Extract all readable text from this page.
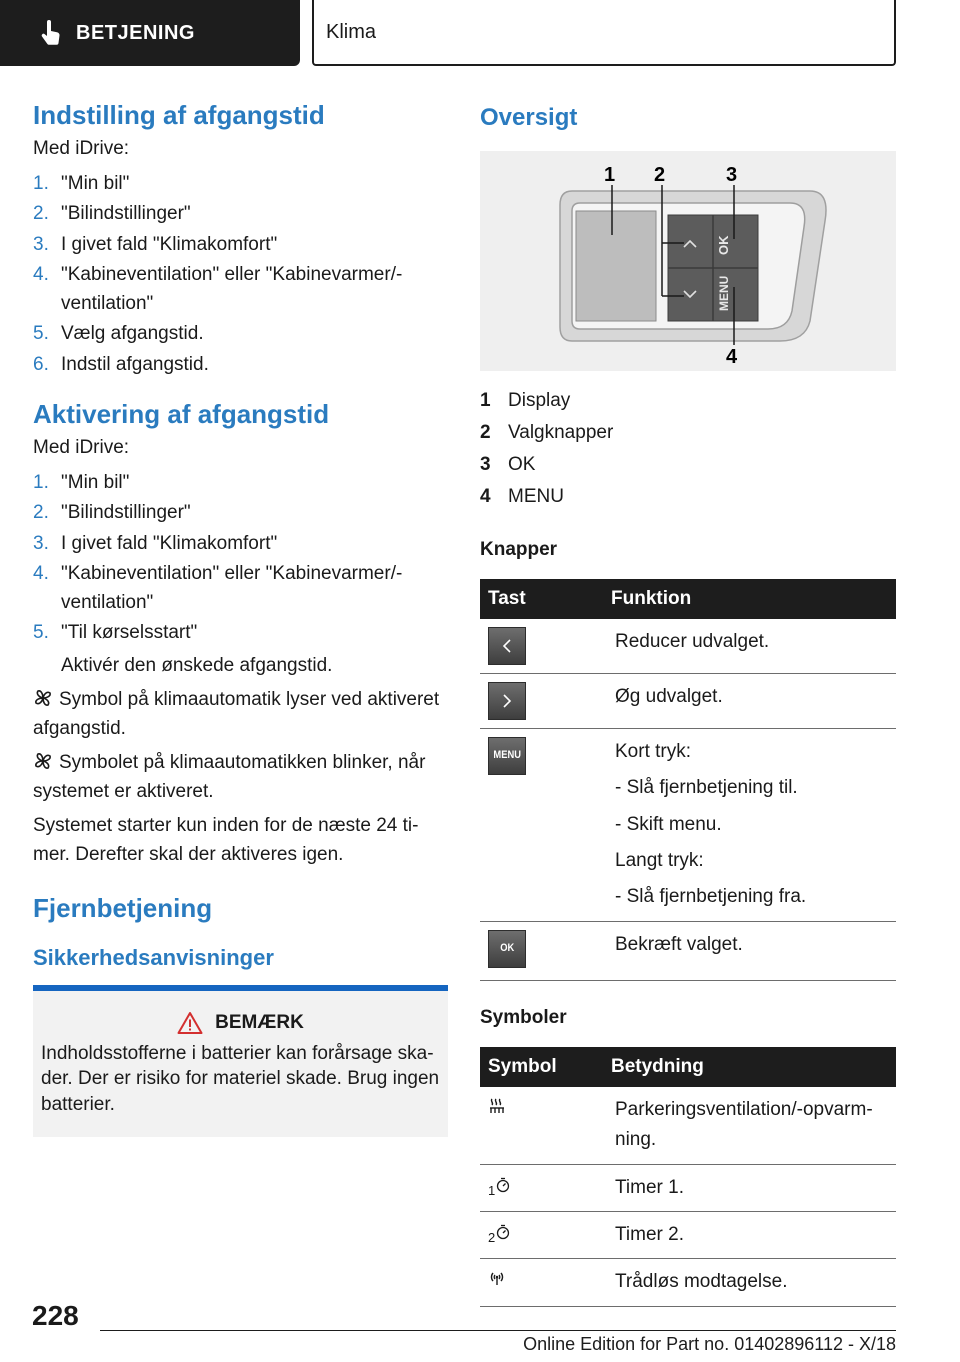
BETJENING	Klima
Indstilling af afgangstid

Med iDrive:

1. "Min bil"
2. "Bilindstillinger"
3. I givet fald "Klimakomfort"
4. "Kabineventilation" eller "Kabinevarmer/-ventilation"
5. Vælg afgangstid.
6. Indstil afgangstid.
Aktivering af afgangstid

Med iDrive:

1. "Min bil"
2. "Bilindstillinger"
3. I givet fald "Klimakomfort"
4. "Kabineventilation" eller "Kabinevarmer/-ventilation"
5. "Til kørselsstart"

Aktivér den ønskede afgangstid.

Symbol på klimaautomatik lyser ved aktiveret afgangstid.

Symbolet på klimaautomatikken blinker, når systemet er aktiveret.

Systemet starter kun inden for de næste 24 ti-mer. Derefter skal der aktiveres igen.

Fjernbetjening
Sikkerhedsanvisninger
BEMÆRK

Indholdsstofferne i batterier kan forårsage ska-der. Der er risiko for materiel skade. Brug ingen batterier.

Oversigt
OK
MENU
1 2	3
4
1 Display
2 Valgknapper
3 OK
4 MENU

Knapper

Tast	Funktion

Reducer udvalget.

Øg udvalget.

MENU	Kort tryk:
- Slå fjernbetjening til.
- Skift menu.
Langt tryk:
- Slå fjernbetjening fra.

OK	Bekræft valget.

Symboler

Symbol	Betydning

Parkeringsventilation/-opvarm-ning.

1	Timer 1.

2	Timer 2.

Trådløs modtagelse.
228
Online Edition for Part no. 01402896112 - X/18
